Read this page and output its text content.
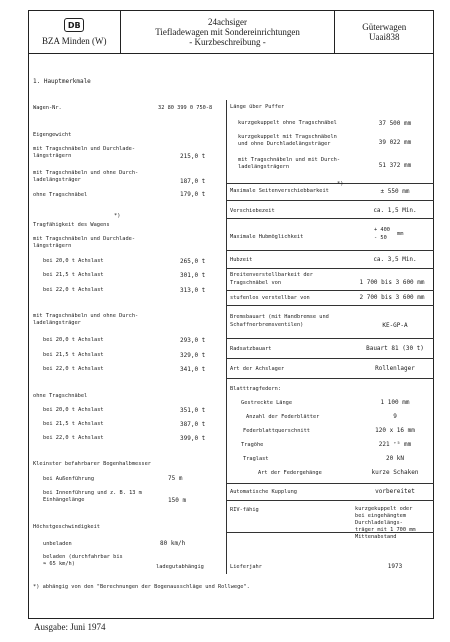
DB
BZA Minden (W)
24achsiger
Tiefladewagen mit Sondereinrichtungen
- Kurzbeschreibung -
Güterwagen
Uaai838
1. Hauptmerkmale
Wagen-Nr.	32 80 399 0 750-8
Eigengewicht
mit Tragschnäbeln und Durchlade-
längsträgern	215,0 t
mit Tragschnäbeln und ohne Durch-
ladelängsträger	187,0 t
ohne Tragschnäbel	179,0 t
Tragfähigkeit des Wagens
*)
mit Tragschnäbeln und Durchlade-
längsträgern
bei 20,0 t Achslast	265,0 t
bei 21,5 t Achslast	301,0 t
bei 22,0 t Achslast	313,0 t
mit Tragschnäbeln und ohne Durch-
ladelängsträger
bei 20,0 t Achslast	293,0 t
bei 21,5 t Achslast	329,0 t
bei 22,0 t Achslast	341,0 t
ohne Tragschnäbel
bei 20,0 t Achslast	351,0 t
bei 21,5 t Achslast	387,0 t
bei 22,0 t Achslast	399,0 t
Kleinster befahrbarer Bogenhalbmesser
bei Außenführung	75 m
bei Innenführung und z. B. 13 m
Einhängelänge	150 m
Höchstgeschwindigkeit
unbeladen	80 km/h
beladen (durchfahrbar bis
≈ 65 km/h)	ladegutabhängig
Länge über Puffer
kurzgekuppelt ohne Tragschnäbel	37 500 mm
kurzgekuppelt mit Tragschnäbeln
und ohne Durchladelängsträger	39 022 mm
mit Tragschnäbeln und mit Durch-
ladelängsträgern	51 372 mm
Maximale Seitenverschiebbarkeit
*)
± 550 mm
Verschiebezeit	ca. 1,5 Min.
Maximale Hubmöglichkeit
+ 400
- 50
mm
Hubzeit	ca. 3,5 Min.
Breitenverstellbarkeit der
Tragschnäbel von	1 700 bis 3 600 mm
stufenlos verstellbar von	2 700 bis 3 600 mm
Bremsbauart (mit Handbremse und
Schaffnerbremsventilen)	KE-GP-A
Radsatzbauart	Bauart 81 (30 t)
Art der Achslager	Rollenlager
Blatttragfedern:
Gestreckte Länge	1 100 mm
Anzahl der Federblätter	9
Federblattquerschnitt	120 x 16 mm
Tragöhe	221 ⁺⁵ mm
Traglast	20 kN
Art der Federgehänge	kurze Schaken
Automatische Kupplung	vorbereitet
RIV-fähig	kurzgekuppelt oder
bei eingehängtem
Durchladelängs-
träger mit 1 700 mm
Mittenabstand
Lieferjahr	1973
*) abhängig von den "Berechnungen der Bogenausschläge und Rollwege".
Ausgabe: Juni 1974
